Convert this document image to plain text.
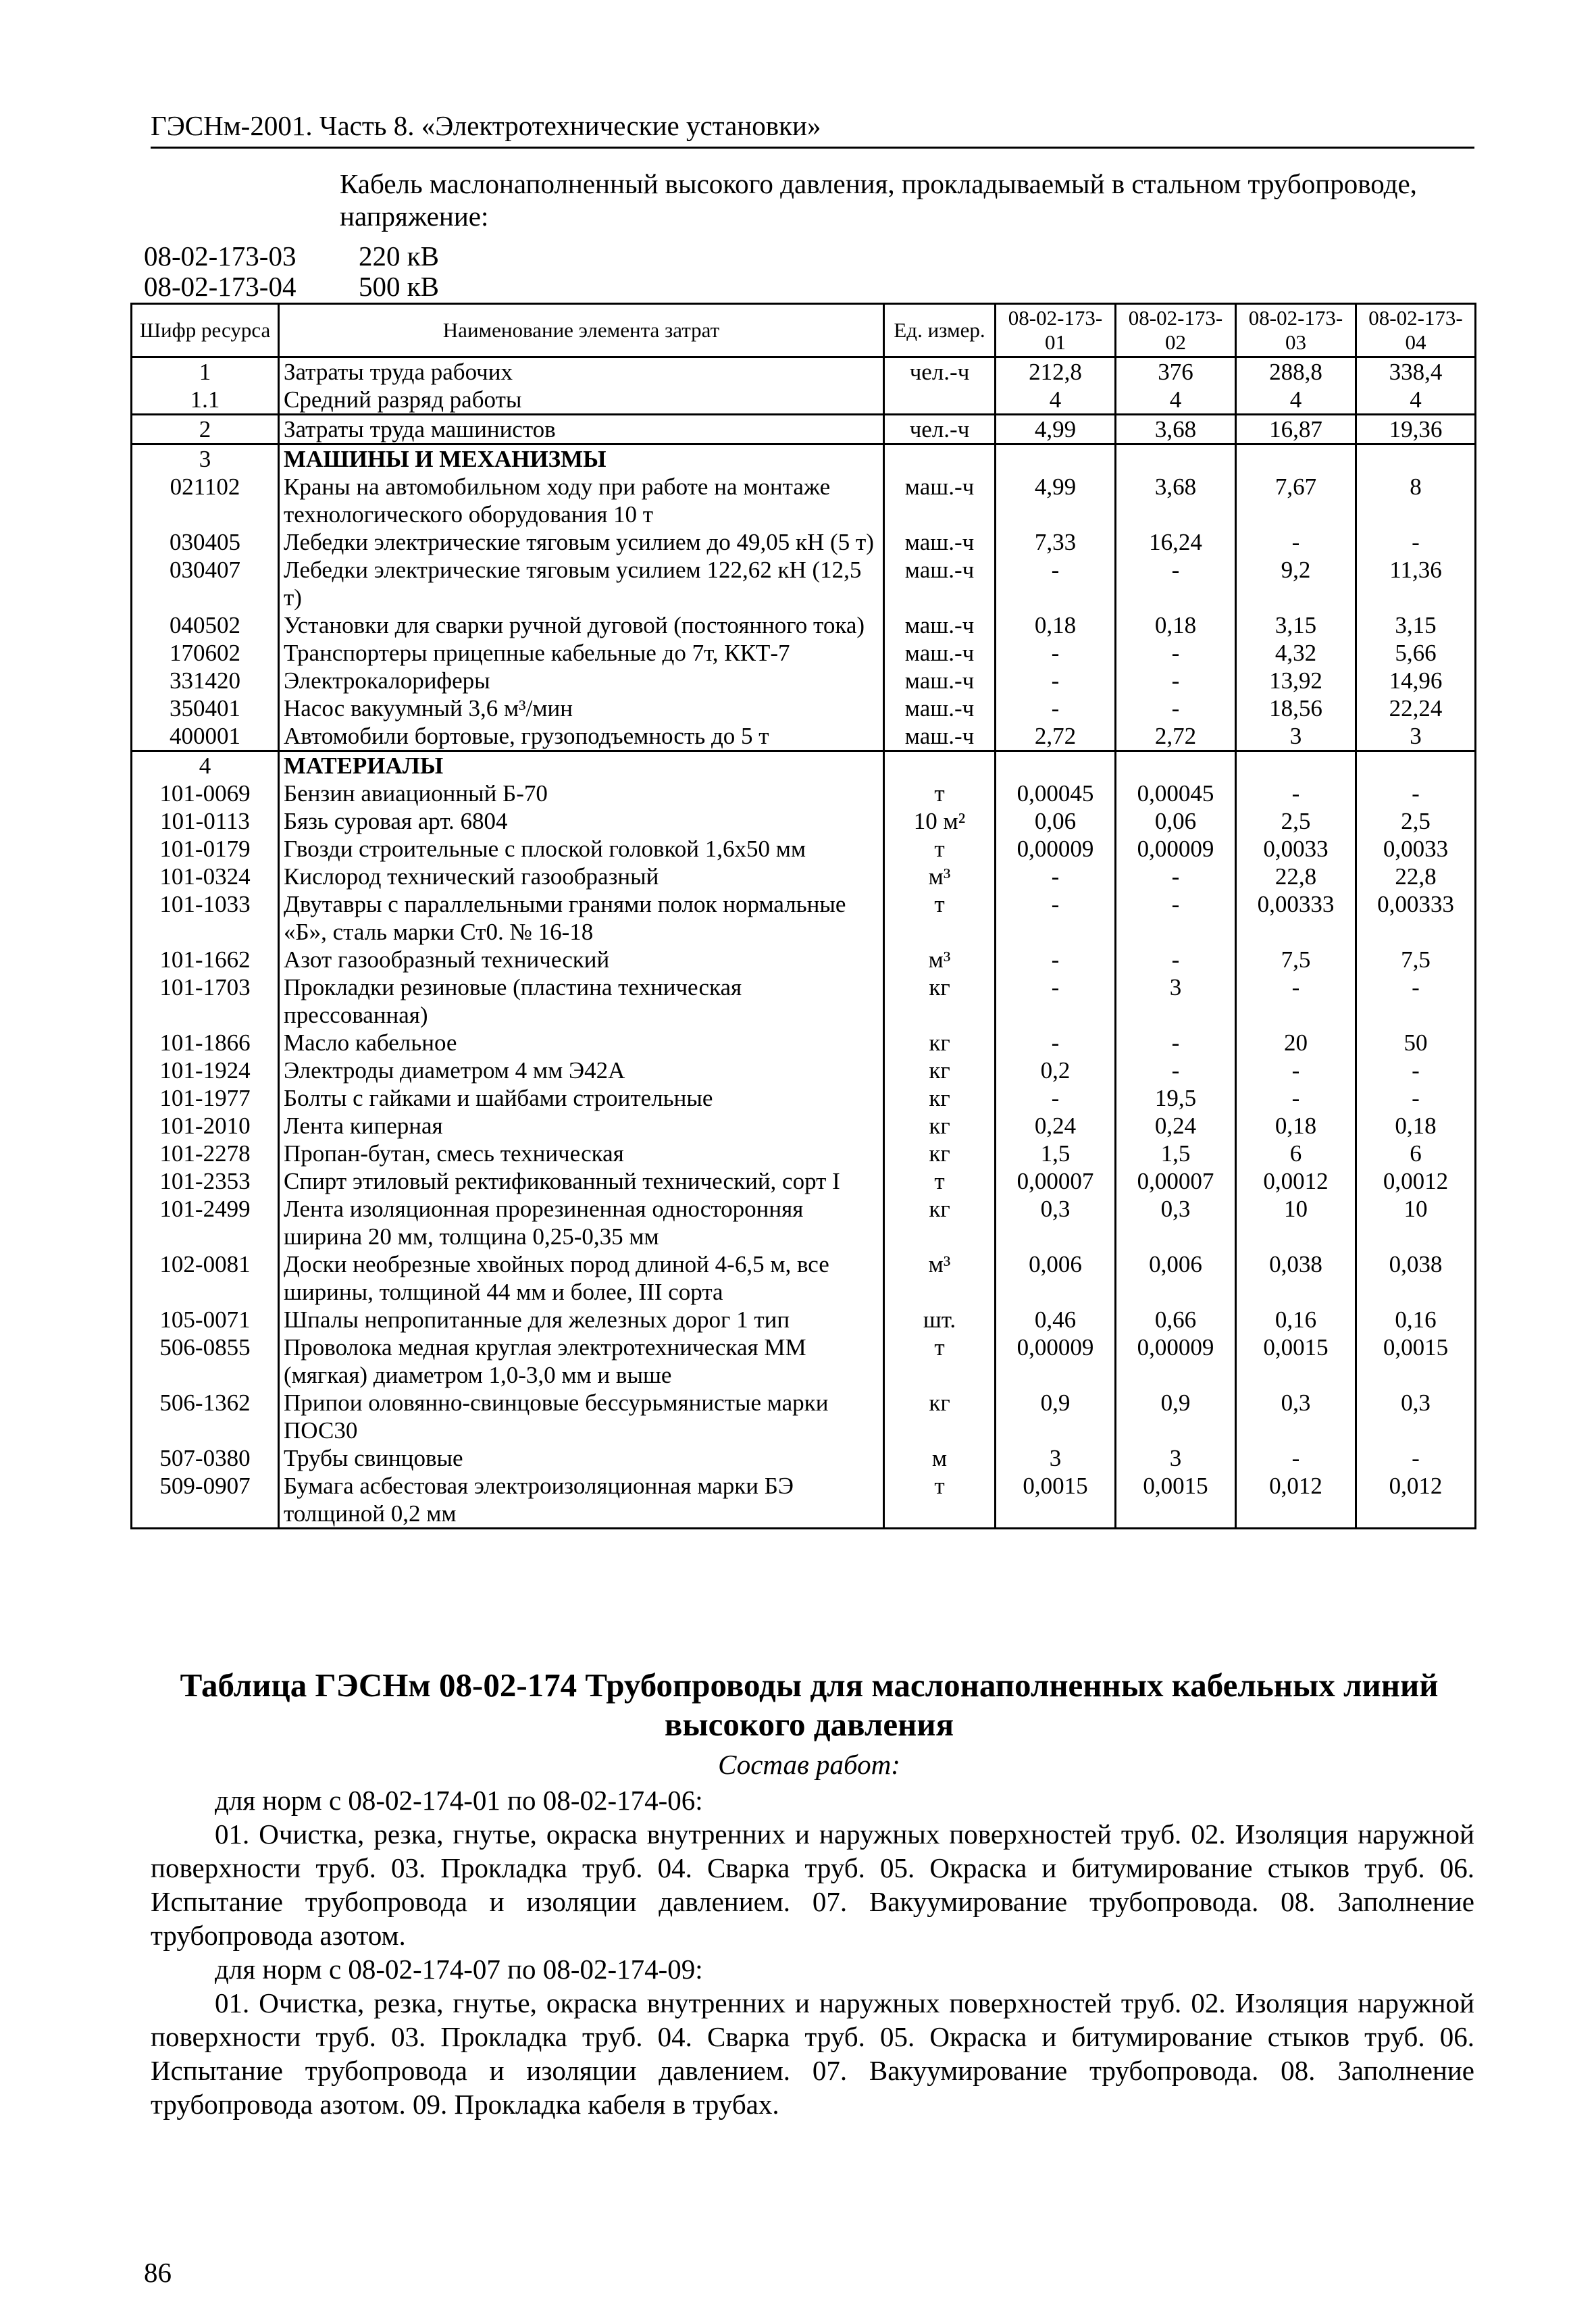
ГЭСНм-2001. Часть 8. «Электротехнические установки»
Кабель маслонаполненный высокого давления, прокладываемый в стальном трубопроводе, напряжение:
08-02-173-03 220 кВ
08-02-173-04 500 кВ
Шифр ресурса	Наименование элемента затрат	Ед. измер.	08-02-173-01	08-02-173-02	08-02-173-03	08-02-173-04
1	Затраты труда рабочих	чел.-ч	212,8	376	288,8	338,4
1.1	Средний разряд работы		4	4	4	4
2	Затраты труда машинистов	чел.-ч	4,99	3,68	16,87	19,36
3	МАШИНЫ И МЕХАНИЗМЫ					
021102	Краны на автомобильном ходу при работе на монтаже технологического оборудования 10 т	маш.-ч	4,99	3,68	7,67	8
030405	Лебедки электрические тяговым усилием до 49,05 кН (5 т)	маш.-ч	7,33	16,24	-	-
030407	Лебедки электрические тяговым усилием 122,62 кН (12,5 т)	маш.-ч	-	-	9,2	11,36
040502	Установки для сварки ручной дуговой (постоянного тока)	маш.-ч	0,18	0,18	3,15	3,15
170602	Транспортеры прицепные кабельные до 7т, ККТ-7	маш.-ч	-	-	4,32	5,66
331420	Электрокалориферы	маш.-ч	-	-	13,92	14,96
350401	Насос вакуумный 3,6 м³/мин	маш.-ч	-	-	18,56	22,24
400001	Автомобили бортовые, грузоподъемность до 5 т	маш.-ч	2,72	2,72	3	3
4	МАТЕРИАЛЫ					
101-0069	Бензин авиационный Б-70	т	0,00045	0,00045	-	-
101-0113	Бязь суровая арт. 6804	10 м²	0,06	0,06	2,5	2,5
101-0179	Гвозди строительные с плоской головкой 1,6х50 мм	т	0,00009	0,00009	0,0033	0,0033
101-0324	Кислород технический газообразный	м³	-	-	22,8	22,8
101-1033	Двутавры с параллельными гранями полок нормальные «Б», сталь марки Ст0. № 16-18	т	-	-	0,00333	0,00333
101-1662	Азот газообразный технический	м³	-	-	7,5	7,5
101-1703	Прокладки резиновые (пластина техническая прессованная)	кг	-	3	-	-
101-1866	Масло кабельное	кг	-	-	20	50
101-1924	Электроды диаметром 4 мм Э42А	кг	0,2	-	-	-
101-1977	Болты с гайками и шайбами строительные	кг	-	19,5	-	-
101-2010	Лента киперная	кг	0,24	0,24	0,18	0,18
101-2278	Пропан-бутан, смесь техническая	кг	1,5	1,5	6	6
101-2353	Спирт этиловый ректификованный технический, сорт I	т	0,00007	0,00007	0,0012	0,0012
101-2499	Лента изоляционная прорезиненная односторонняя ширина 20 мм, толщина 0,25-0,35 мм	кг	0,3	0,3	10	10
102-0081	Доски необрезные хвойных пород длиной 4-6,5 м, все ширины, толщиной 44 мм и более, III сорта	м³	0,006	0,006	0,038	0,038
105-0071	Шпалы непропитанные для железных дорог 1 тип	шт.	0,46	0,66	0,16	0,16
506-0855	Проволока медная круглая электротехническая ММ (мягкая) диаметром 1,0-3,0 мм и выше	т	0,00009	0,00009	0,0015	0,0015
506-1362	Припои оловянно-свинцовые бессурьмянистые марки ПОС30	кг	0,9	0,9	0,3	0,3
507-0380	Трубы свинцовые	м	3	3	-	-
509-0907	Бумага асбестовая электроизоляционная марки БЭ толщиной 0,2 мм	т	0,0015	0,0015	0,012	0,012
Таблица ГЭСНм 08-02-174 Трубопроводы для маслонаполненных кабельных линий высокого давления
Состав работ:

для норм с 08-02-174-01 по 08-02-174-06:

01. Очистка, резка, гнутье, окраска внутренних и наружных поверхностей труб. 02. Изоляция наружной поверхности труб. 03. Прокладка труб. 04. Сварка труб. 05. Окраска и битумирование стыков труб. 06. Испытание трубопровода и изоляции давлением. 07. Вакуумирование трубопровода. 08. Заполнение трубопровода азотом.

для норм с 08-02-174-07 по 08-02-174-09:

01. Очистка, резка, гнутье, окраска внутренних и наружных поверхностей труб. 02. Изоляция наружной поверхности труб. 03. Прокладка труб. 04. Сварка труб. 05. Окраска и битумирование стыков труб. 06. Испытание трубопровода и изоляции давлением. 07. Вакуумирование трубопровода. 08. Заполнение трубопровода азотом. 09. Прокладка кабеля в трубах.

86
